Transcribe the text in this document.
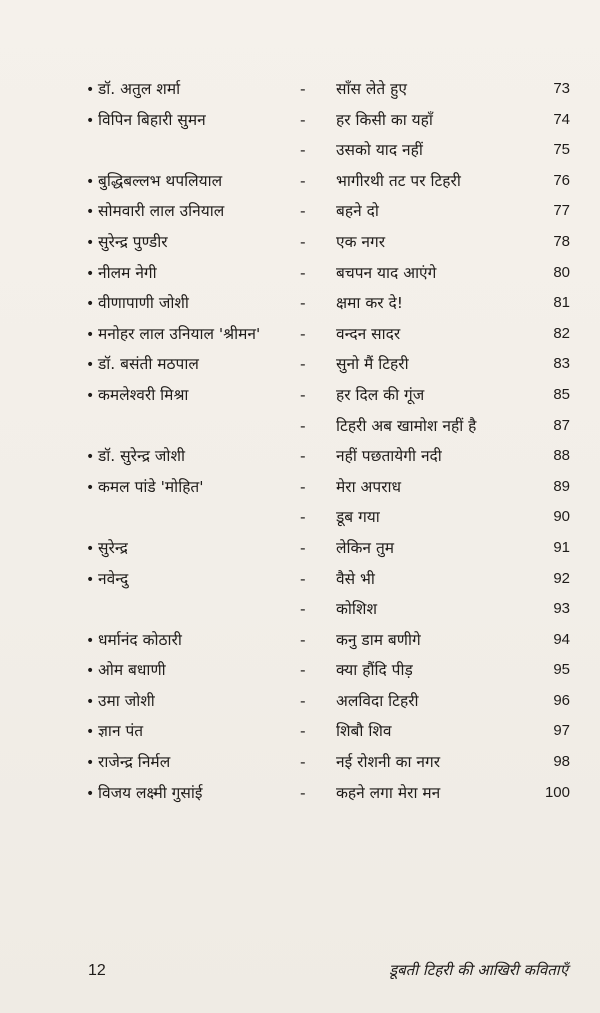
• डॉ. अतुल शर्मा	-	साँस लेते हुए	73
• विपिन बिहारी सुमन	-	हर किसी का यहाँ	74
-	उसको याद नहीं	75
• बुद्धिबल्लभ थपलियाल	-	भागीरथी तट पर टिहरी	76
• सोमवारी लाल उनियाल	-	बहने दो	77
• सुरेन्द्र पुण्डीर	-	एक नगर	78
• नीलम नेगी	-	बचपन याद आएंगे	80
• वीणापाणी जोशी	-	क्षमा कर दे!	81
• मनोहर लाल उनियाल 'श्रीमन'	-	वन्दन सादर	82
• डॉ. बसंती मठपाल	-	सुनो मैं टिहरी	83
• कमलेश्वरी मिश्रा	-	हर दिल की गूंज	85
-	टिहरी अब खामोश नहीं है	87
• डॉ. सुरेन्द्र जोशी	-	नहीं पछतायेगी नदी	88
• कमल पांडे 'मोहित'	-	मेरा अपराध	89
-	डूब गया	90
• सुरेन्द्र	-	लेकिन तुम	91
• नवेन्दु	-	वैसे भी	92
-	कोशिश	93
• धर्मानंद कोठारी	-	कनु डाम बणीगे	94
• ओम बधाणी	-	क्या हौंदि पीड़	95
• उमा जोशी	-	अलविदा टिहरी	96
• ज्ञान पंत	-	शिबौ शिव	97
• राजेन्द्र निर्मल	-	नई रोशनी का नगर	98
• विजय लक्ष्मी गुसांई	-	कहने लगा मेरा मन	100
12	डूबती टिहरी की आखिरी कविताएँ
